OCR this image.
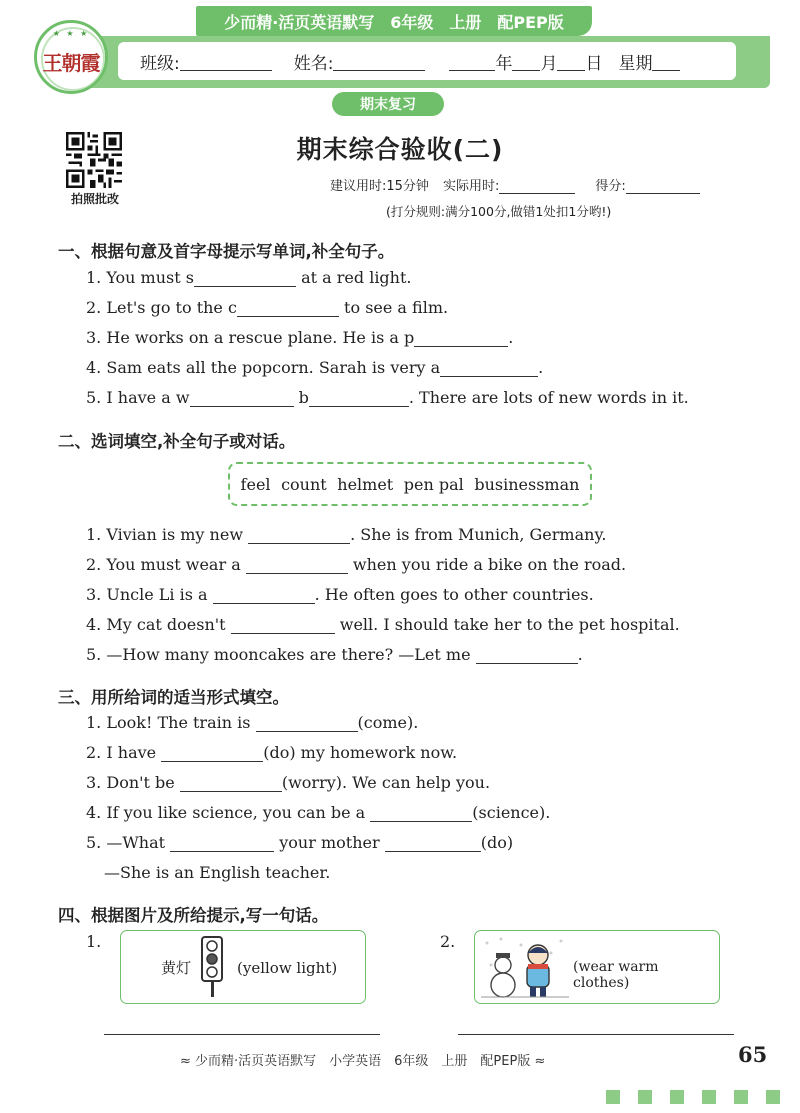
少而精·活页英语默写　6年级　上册　配PEP版
班级:	姓名:	年 月 日 星期
★ ★ ★
王朝霞
期末复习
拍照批改
期末综合验收(二)
建议用时:15分钟 实际用时:	得分:
(打分规则:满分100分,做错1处扣1分哟!)
一、根据句意及首字母提示写单词,补全句子。
1. You must s	at a red light.
2. Let's go to the c	to see a film.
3. He works on a rescue plane. He is a p	.
4. Sam eats all the popcorn. Sarah is very a	.
5. I have a w	b	. There are lots of new words in it.
二、选词填空,补全句子或对话。
feel count helmet pen pal businessman
1. Vivian is my new	. She is from Munich, Germany.
2. You must wear a	when you ride a bike on the road.
3. Uncle Li is a	. He often goes to other countries.
4. My cat doesn't	well. I should take her to the pet hospital.
5. —How many mooncakes are there? —Let me	.
三、用所给词的适当形式填空。
1. Look! The train is	(come).
2. I have	(do) my homework now.
3. Don't be	(worry). We can help you.
4. If you like science, you can be a	(science).
5. —What	your mother	(do)
—She is an English teacher.
四、根据图片及所给提示,写一句话。
1.
黄灯	(yellow light)
2.
(wear warm clothes)
≈ 少而精·活页英语默写　小学英语　6年级　上册　配PEP版 ≈	65
